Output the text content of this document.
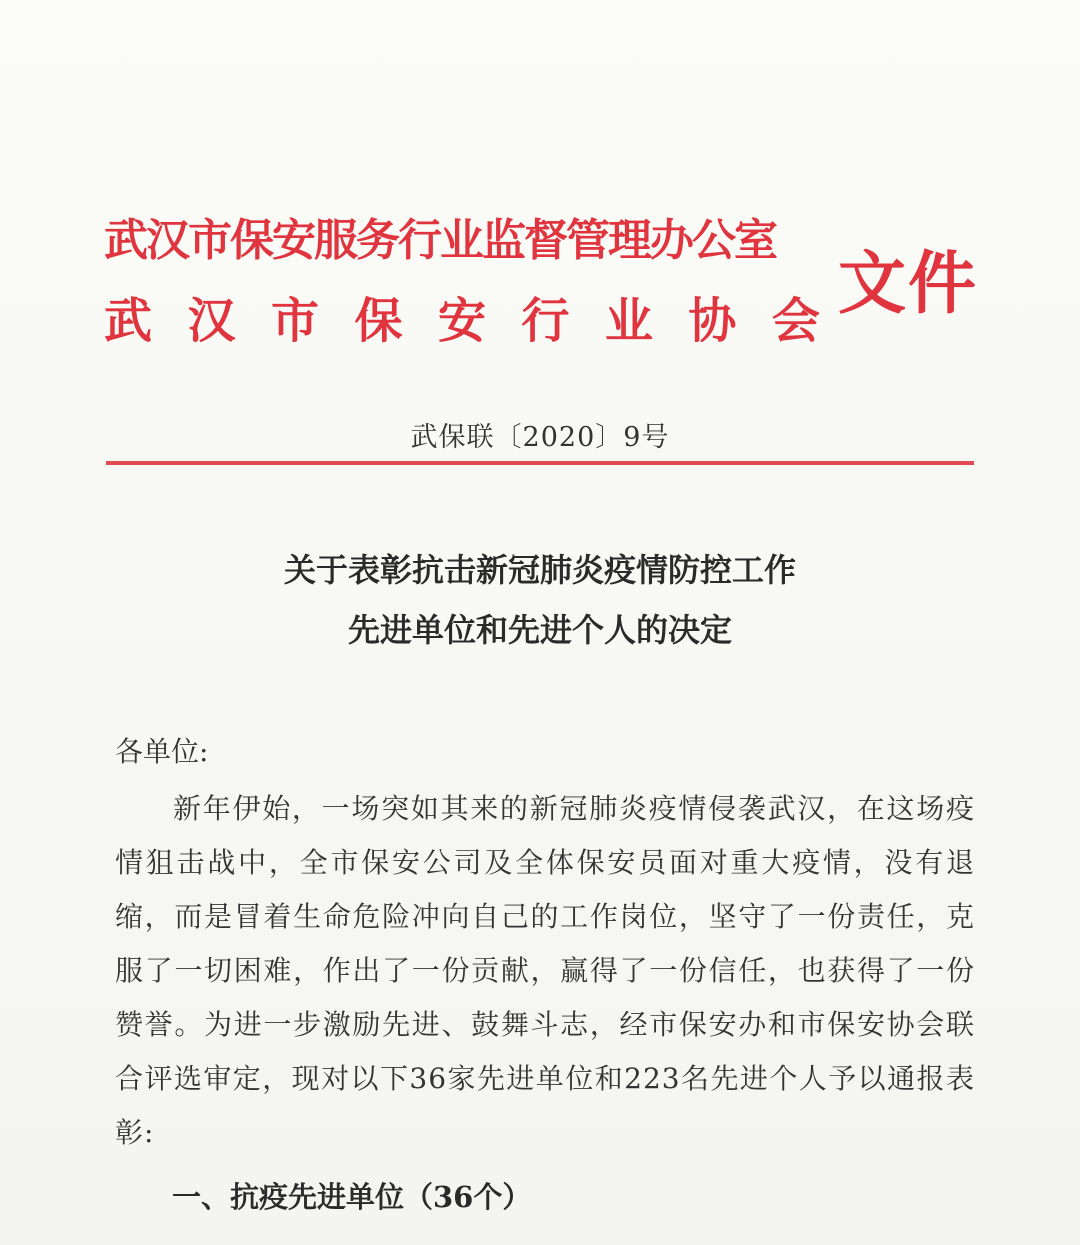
武汉市保安服务行业监督管理办公室
武 汉 市 保 安 行 业 协 会 文件
武保联〔2020〕9号
关于表彰抗击新冠肺炎疫情防控工作
先进单位和先进个人的决定
各单位:
新年伊始，一场突如其来的新冠肺炎疫情侵袭武汉，在这场疫情狙击战中，全市保安公司及全体保安员面对重大疫情，没有退缩，而是冒着生命危险冲向自己的工作岗位，坚守了一份责任，克服了一切困难，作出了一份贡献，赢得了一份信任，也获得了一份赞誉。为进一步激励先进、鼓舞斗志，经市保安办和市保安协会联合评选审定，现对以下36家先进单位和223名先进个人予以通报表彰:
一、抗疫先进单位（36个）
